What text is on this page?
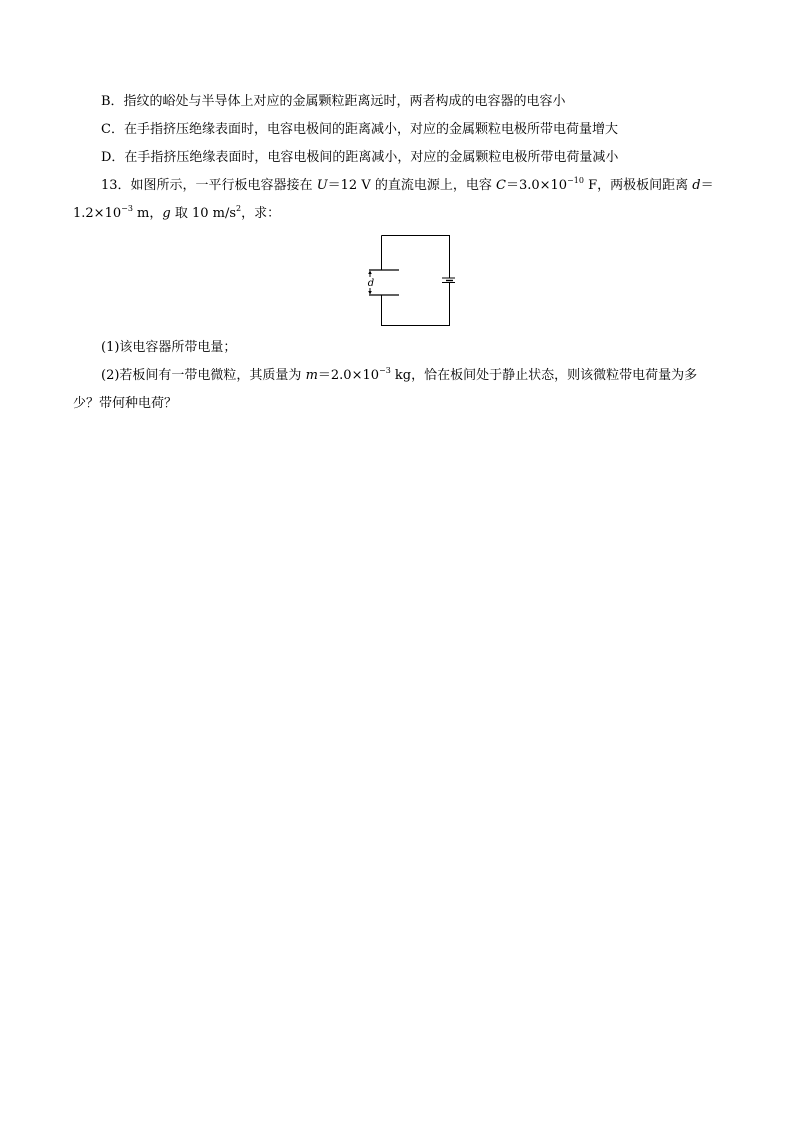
B．指纹的峪处与半导体上对应的金属颗粒距离远时，两者构成的电容器的电容小
C．在手指挤压绝缘表面时，电容电极间的距离减小，对应的金属颗粒电极所带电荷量增大
D．在手指挤压绝缘表面时，电容电极间的距离减小，对应的金属颗粒电极所带电荷量减小
13．如图所示，一平行板电容器接在 U＝12 V 的直流电源上，电容 $C=3.0\times 10^{-10}$ F，两极板间距离 d＝
$1.2\times 10^{-3}$ m，g 取 10 $m/s^2$，求：
d
(1)该电容器所带电量；
(2)若板间有一带电微粒，其质量为 $m=2.0\times 10^{-3}$ kg，恰在板间处于静止状态，则该微粒带电荷量为多
少？带何种电荷？
